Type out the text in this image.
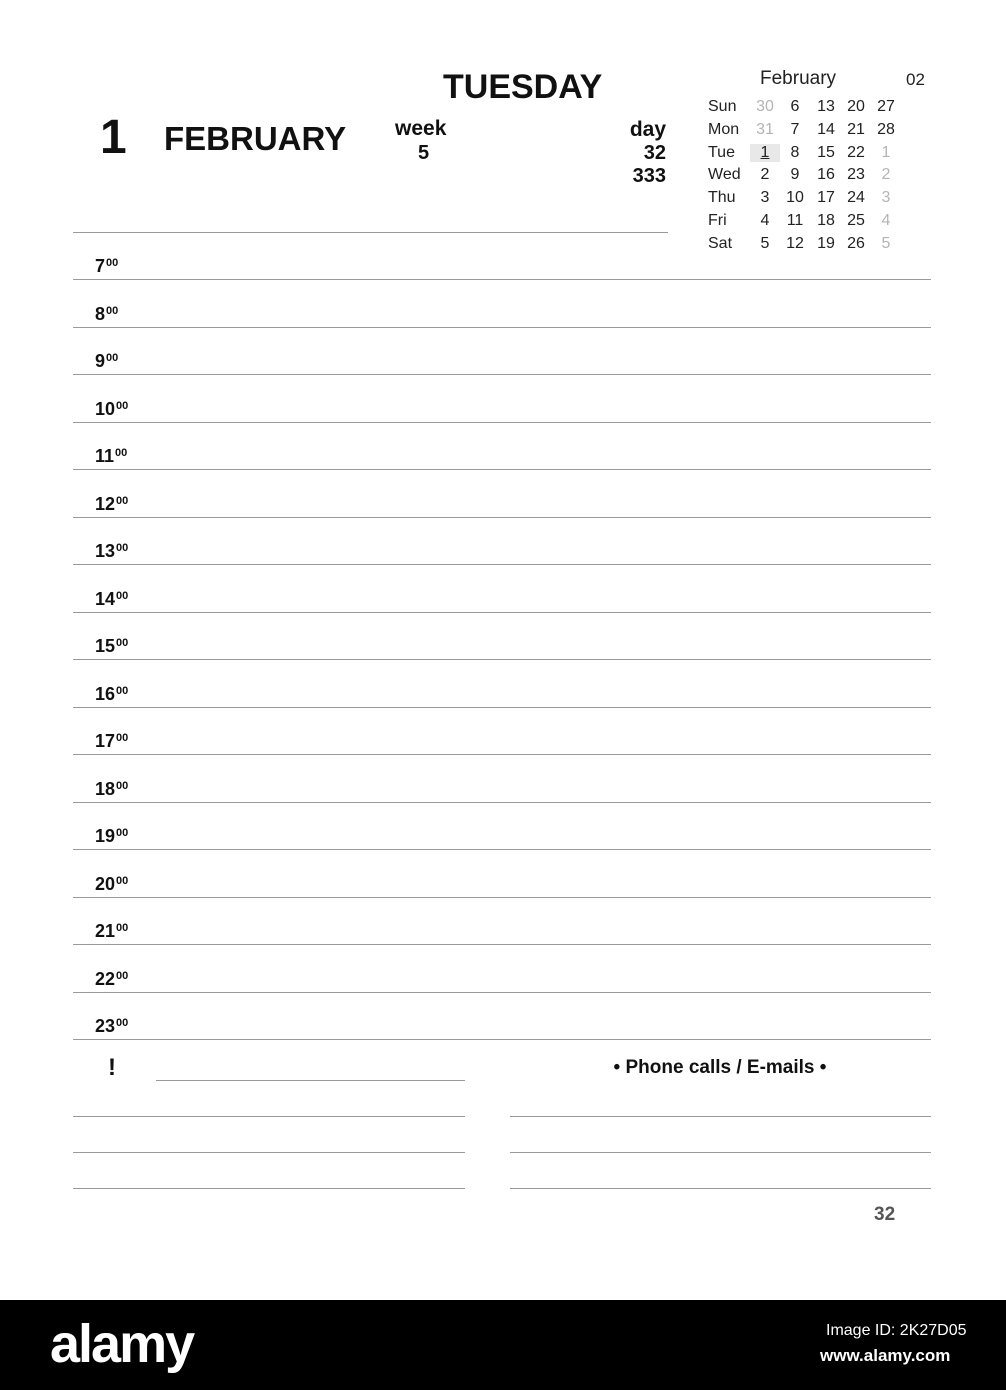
1 FEBRUARY
TUESDAY
week
5
day
32
333
February	02
Sun	30	6	13 20 27
Mon	31	7	14 21 28
Tue	1	8	15 22	1
Wed	2	9	16 23	2
Thu	3	10 17 24	3
Fri	4	11 18 25	4
Sat	5	12 19 26	5
$7^{00}$
$8^{00}$
$9^{00}$
$10^{00}$
$11^{00}$
$12^{00}$
$13^{00}$
$14^{00}$
$15^{00}$
$16^{00}$
$17^{00}$
$18^{00}$
$19^{00}$
$20^{00}$
$21^{00}$
$22^{00}$
$23^{00}$
!	• Phone calls / E-mails •
32
alamy	Image ID: 2K27D05
www.alamy.com
